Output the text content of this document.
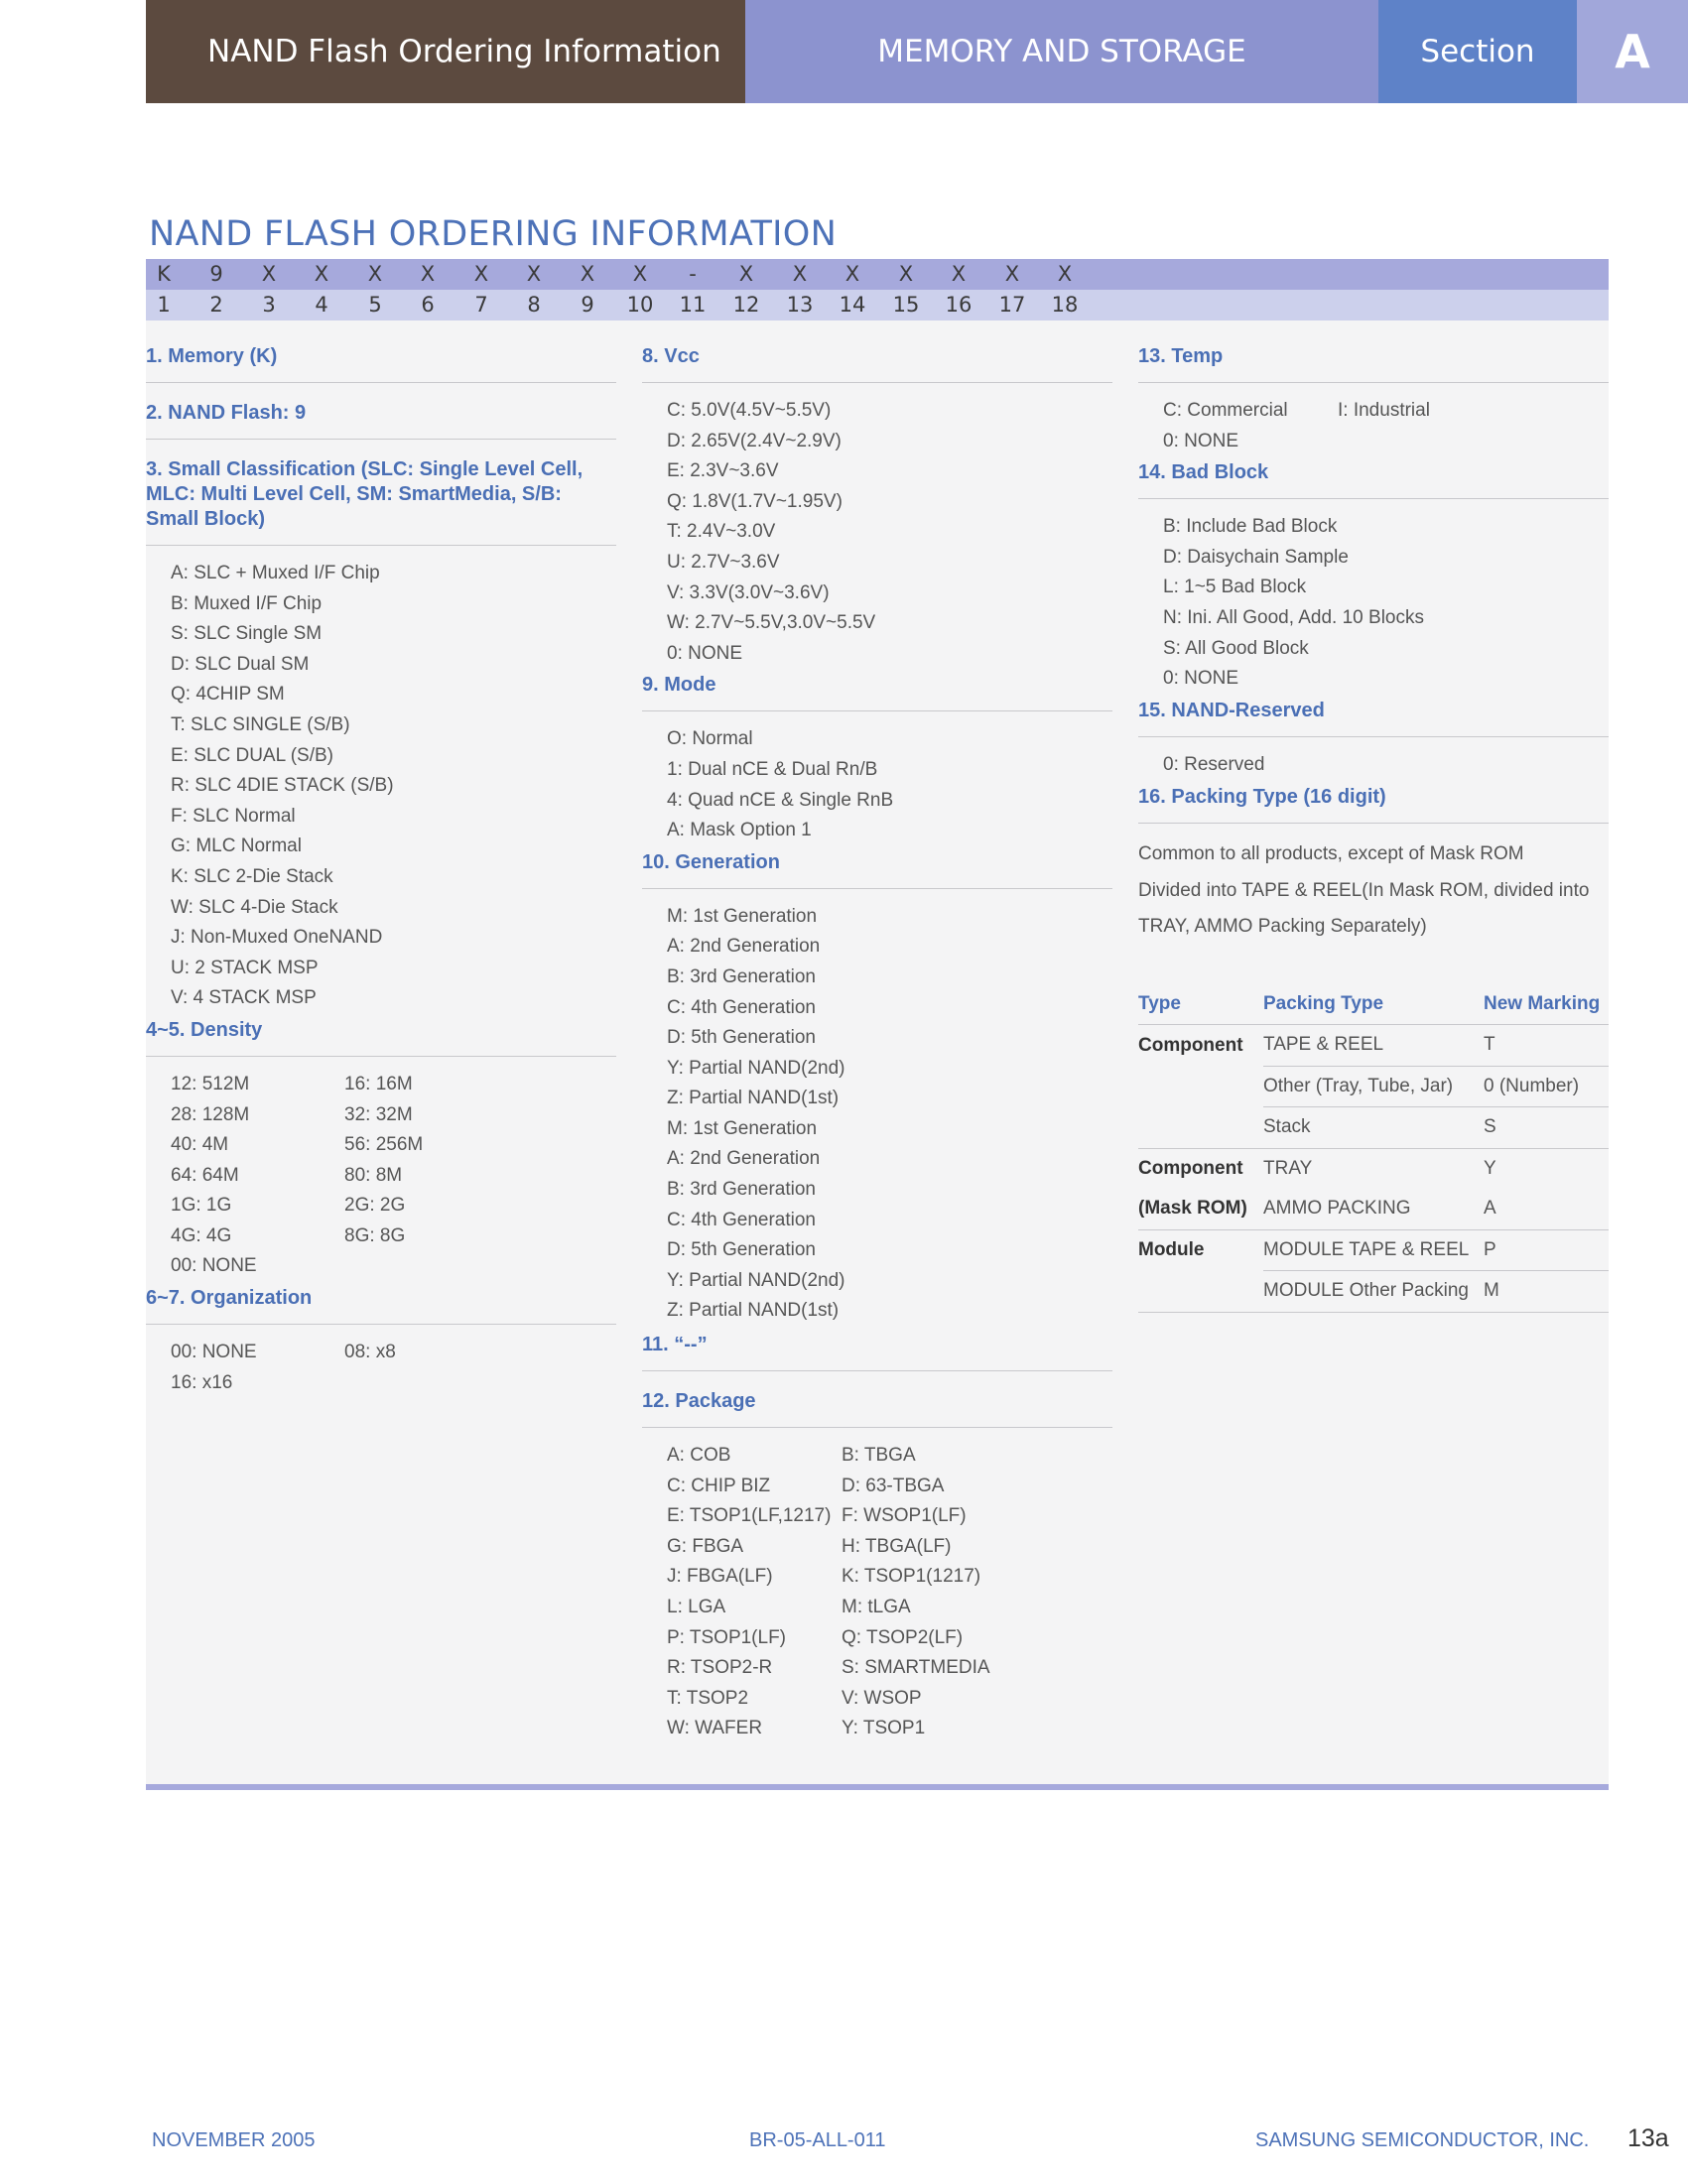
NAND Flash Ordering Information	MEMORY AND STORAGE	Section A
NAND FLASH ORDERING INFORMATION
K	9	X	X	X	X	X	X	X	X	-	X	X	X	X	X	X	X
1	2	3	4	5	6	7	8	9	10	11	12	13	14	15	16	17	18
1. Memory (K)
2. NAND Flash: 9
3. Small Classification (SLC: Single Level Cell, MLC: Multi Level Cell, SM: SmartMedia, S/B: Small Block)
A: SLC + Muxed I/F Chip
B: Muxed I/F Chip
S: SLC Single SM
D: SLC Dual SM
Q: 4CHIP SM
T: SLC SINGLE (S/B)
E: SLC DUAL (S/B)
R: SLC 4DIE STACK (S/B)
F: SLC Normal
G: MLC Normal
K: SLC 2-Die Stack
W: SLC 4-Die Stack
J: Non-Muxed OneNAND
U: 2 STACK MSP
V: 4 STACK MSP
4~5. Density
12: 512M	16: 16M
28: 128M	32: 32M
40: 4M	56: 256M
64: 64M	80: 8M
1G: 1G	2G: 2G
4G: 4G	8G: 8G
00: NONE
6~7. Organization
00: NONE	08: x8
16: x16
8. Vcc
C: 5.0V(4.5V~5.5V)
D: 2.65V(2.4V~2.9V)
E: 2.3V~3.6V
Q: 1.8V(1.7V~1.95V)
T: 2.4V~3.0V
U: 2.7V~3.6V
V: 3.3V(3.0V~3.6V)
W: 2.7V~5.5V,3.0V~5.5V
0: NONE
9. Mode
O: Normal
1: Dual nCE & Dual Rn/B
4: Quad nCE & Single RnB
A: Mask Option 1
10. Generation
M: 1st Generation
A: 2nd Generation
B: 3rd Generation
C: 4th Generation
D: 5th Generation
Y: Partial NAND(2nd)
Z: Partial NAND(1st)
M: 1st Generation
A: 2nd Generation
B: 3rd Generation
C: 4th Generation
D: 5th Generation
Y: Partial NAND(2nd)
Z: Partial NAND(1st)
11. “--”
12. Package
A: COB	B: TBGA
C: CHIP BIZ	D: 63-TBGA
E: TSOP1(LF,1217) F: WSOP1(LF)
G: FBGA	H: TBGA(LF)
J: FBGA(LF)	K: TSOP1(1217)
L: LGA	M: tLGA
P: TSOP1(LF)	Q: TSOP2(LF)
R: TSOP2-R	S: SMARTMEDIA
T: TSOP2	V: WSOP
W: WAFER	Y: TSOP1
13. Temp
C: Commercial	I: Industrial
0: NONE
14. Bad Block
B: Include Bad Block
D: Daisychain Sample
L: 1~5 Bad Block
N: Ini. All Good, Add. 10 Blocks
S: All Good Block
0: NONE
15. NAND-Reserved
0: Reserved
16. Packing Type (16 digit)
Common to all products, except of Mask ROM
Divided into TAPE & REEL(In Mask ROM, divided into
TRAY, AMMO Packing Separately)
Type	Packing Type	New Marking
Component	TAPE & REEL	T
	Other (Tray, Tube, Jar)	0 (Number)
	Stack	S
Component	TRAY	Y
(Mask ROM)	AMMO PACKING	A
Module	MODULE TAPE & REEL	P
	MODULE Other Packing	M
NOVEMBER 2005	BR-05-ALL-011	SAMSUNG SEMICONDUCTOR, INC. 13a
